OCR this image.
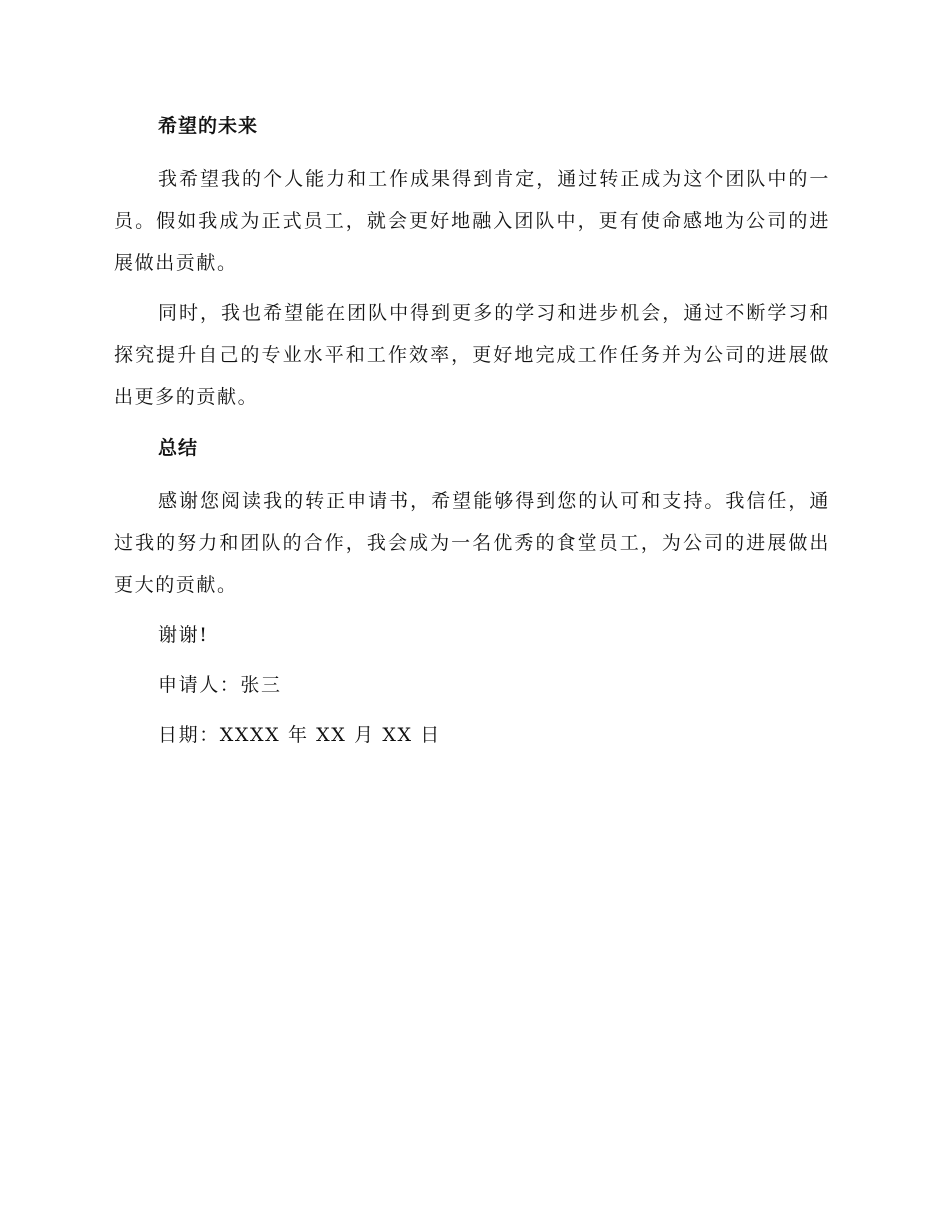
希望的未来

我希望我的个人能力和工作成果得到肯定，通过转正成为这个团队中的一员。假如我成为正式员工，就会更好地融入团队中，更有使命感地为公司的进展做出贡献。

同时，我也希望能在团队中得到更多的学习和进步机会，通过不断学习和探究提升自己的专业水平和工作效率，更好地完成工作任务并为公司的进展做出更多的贡献。

总结

感谢您阅读我的转正申请书，希望能够得到您的认可和支持。我信任，通过我的努力和团队的合作，我会成为一名优秀的食堂员工，为公司的进展做出更大的贡献。

谢谢!

申请人：张三

日期：XXXX 年 XX 月 XX 日
